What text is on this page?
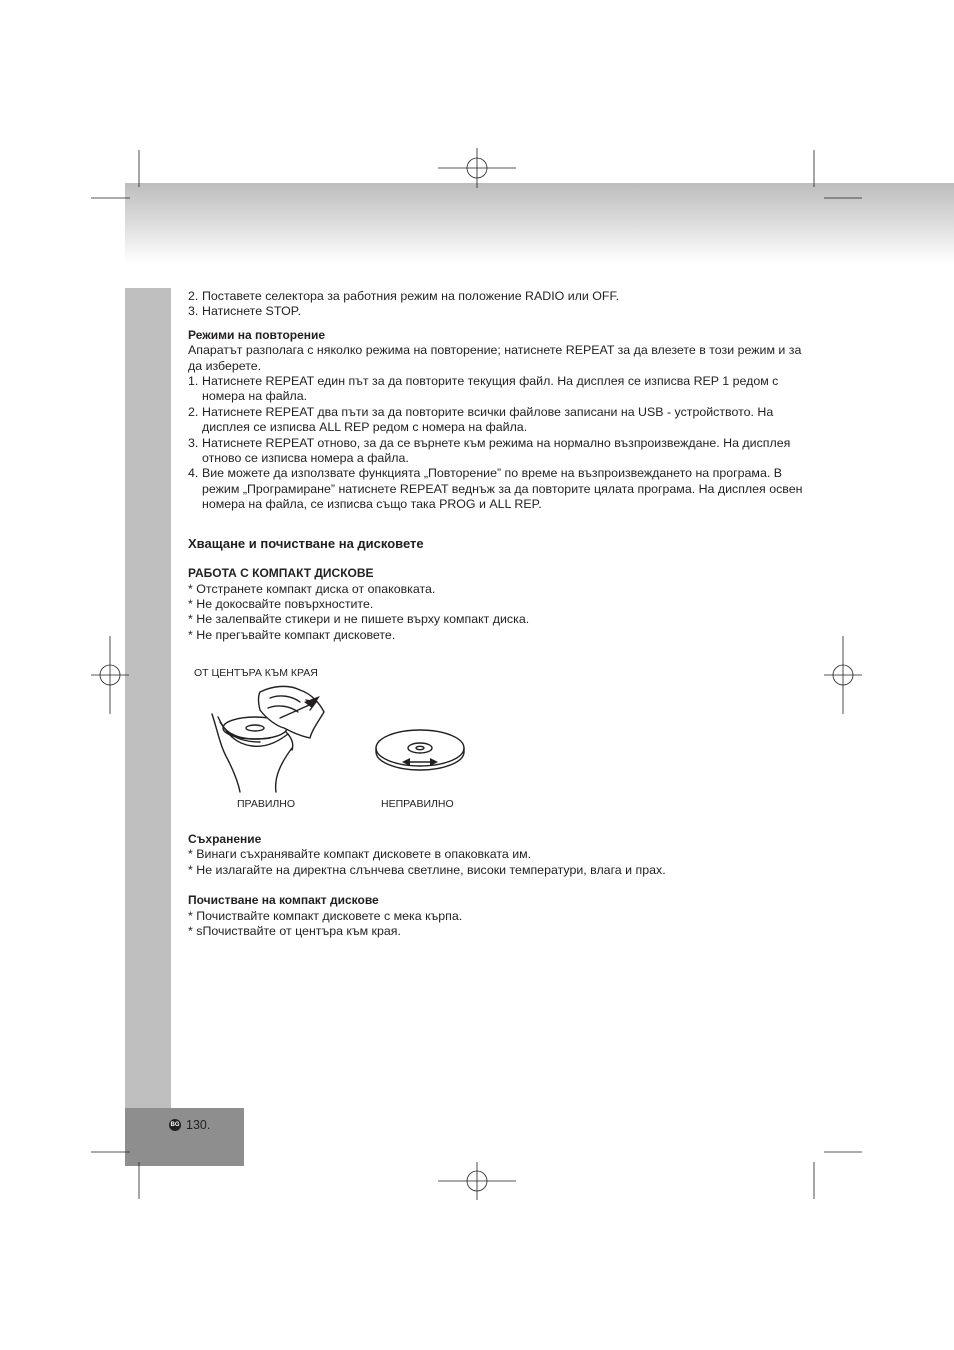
BG 130.
2. Поставете селектора за работния режим на положение RADIO или OFF.
3. Натиснете STOP.

Режими на повторение

Апаратът разполага с няколко режима на повторение; натиснете REPEAT за да влезете в този режим и за да изберете.

1. Натиснете REPEAT един път за да повторите текущия файл. На дисплея се изписва REP 1 редом с номера на файла.
2. Натиснете REPEAT два пъти за да повторите всички файлове записани на USB - устройството. На дисплея се изписва ALL REP редом с номера на файла.
3. Натиснете REPEAT отново, за да се върнете към режима на нормално възпроизвеждане. На дисплея отново се изписва номера а файла.
4. Вие можете да използвате функцията „Повторение” по време на възпроизвеждането на програма. В режим „Програмиране” натиснете REPEAT веднъж за да повторите цялата програма. На дисплея освен номера на файла, се изписва също така PROG и ALL REP.

Хващане и почистване на дисковете

РАБОТА С КОМПАКТ ДИСКОВЕ

* Отстранете компакт диска от опаковката.

* Не докосвайте повърхностите.

* Не залепвайте стикери и не пишете върху компакт диска.

* Не прегъвайте компакт дисковете.

ОТ ЦЕНТЪРА КЪМ КРАЯ
ПРАВИЛНО	НЕПРАВИЛНО

Съхранение

* Винаги съхранявайте компакт дисковете в опаковката им.

* Не излагайте на директна слънчева светлине, високи температури, влага и прах.

Почистване на компакт дискове

* Почиствайте компакт дисковете с мека кърпа.

* sПочиствайте от центъра към края.
